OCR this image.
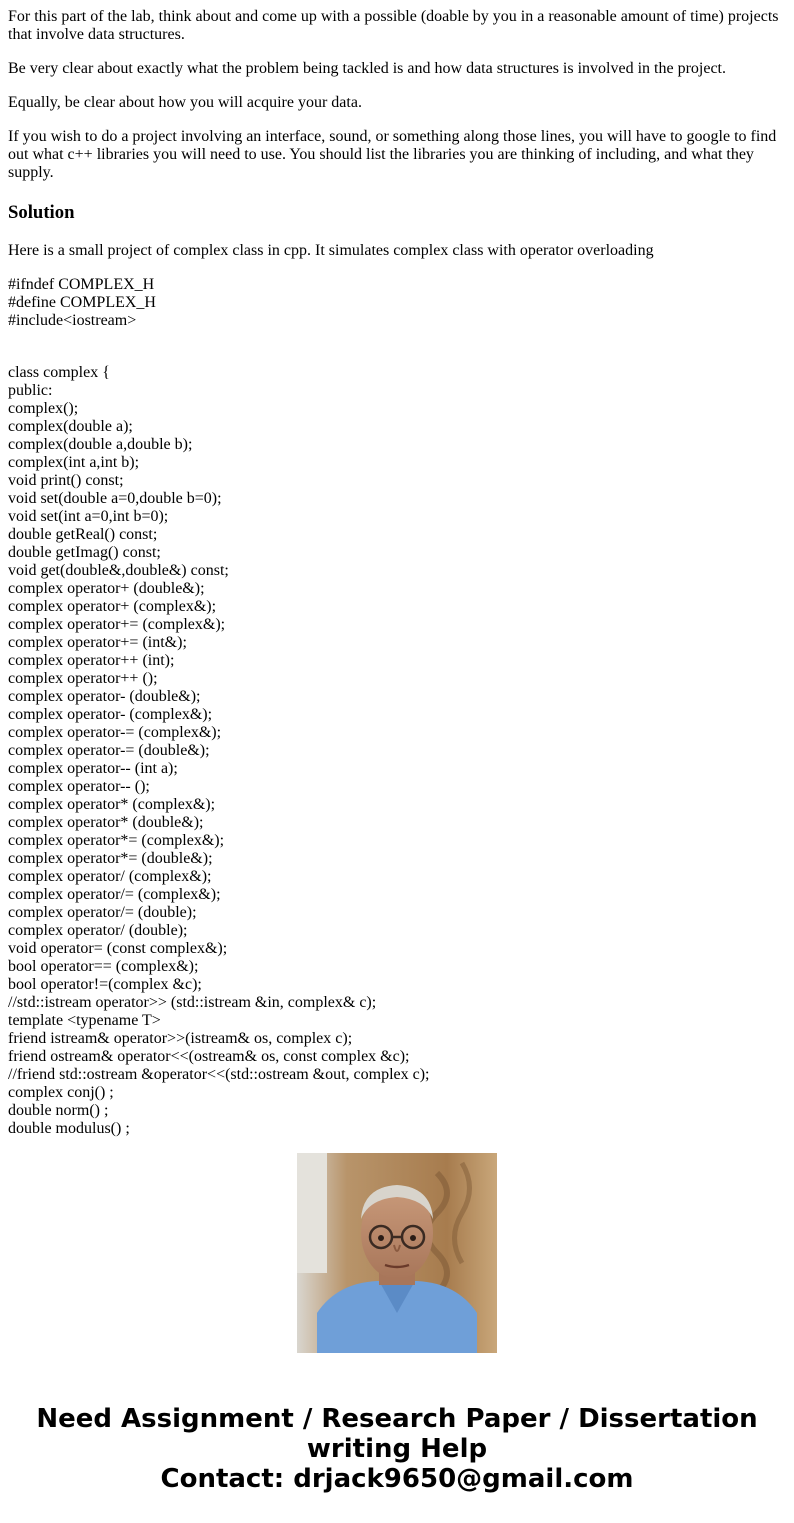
For this part of the lab, think about and come up with a possible (doable by you in a reasonable amount of time) projects that involve data structures.

Be very clear about exactly what the problem being tackled is and how data structures is involved in the project.

Equally, be clear about how you will acquire your data.

If you wish to do a project involving an interface, sound, or something along those lines, you will have to google to find out what c++ libraries you will need to use. You should list the libraries you are thinking of including, and what they supply.

Solution

Here is a small project of complex class in cpp. It simulates complex class with operator overloading

#ifndef COMPLEX_H
#define COMPLEX_H
#include<iostream>
class complex {
public:
complex();
complex(double a);
complex(double a,double b);
complex(int a,int b);
void print() const;
void set(double a=0,double b=0);
void set(int a=0,int b=0);
double getReal() const;
double getImag() const;
void get(double&,double&) const;
complex operator+ (double&);
complex operator+ (complex&);
complex operator+= (complex&);
complex operator+= (int&);
complex operator++ (int);
complex operator++ ();
complex operator- (double&);
complex operator- (complex&);
complex operator-= (complex&);
complex operator-= (double&);
complex operator-- (int a);
complex operator-- ();
complex operator* (complex&);
complex operator* (double&);
complex operator*= (complex&);
complex operator*= (double&);
complex operator/ (complex&);
complex operator/= (complex&);
complex operator/= (double);
complex operator/ (double);
void operator= (const complex&);
bool operator== (complex&);
bool operator!=(complex &c);
//std::istream operator>> (std::istream &in, complex& c);
template <typename T>
friend istream& operator>>(istream& os, complex c);
friend ostream& operator<<(ostream& os, const complex &c);
//friend std::ostream &operator<<(std::ostream &out, complex c);
complex conj() ;
double norm() ;
double modulus() ;
Need Assignment / Research Paper / Dissertation
writing Help
Contact: drjack9650@gmail.com
